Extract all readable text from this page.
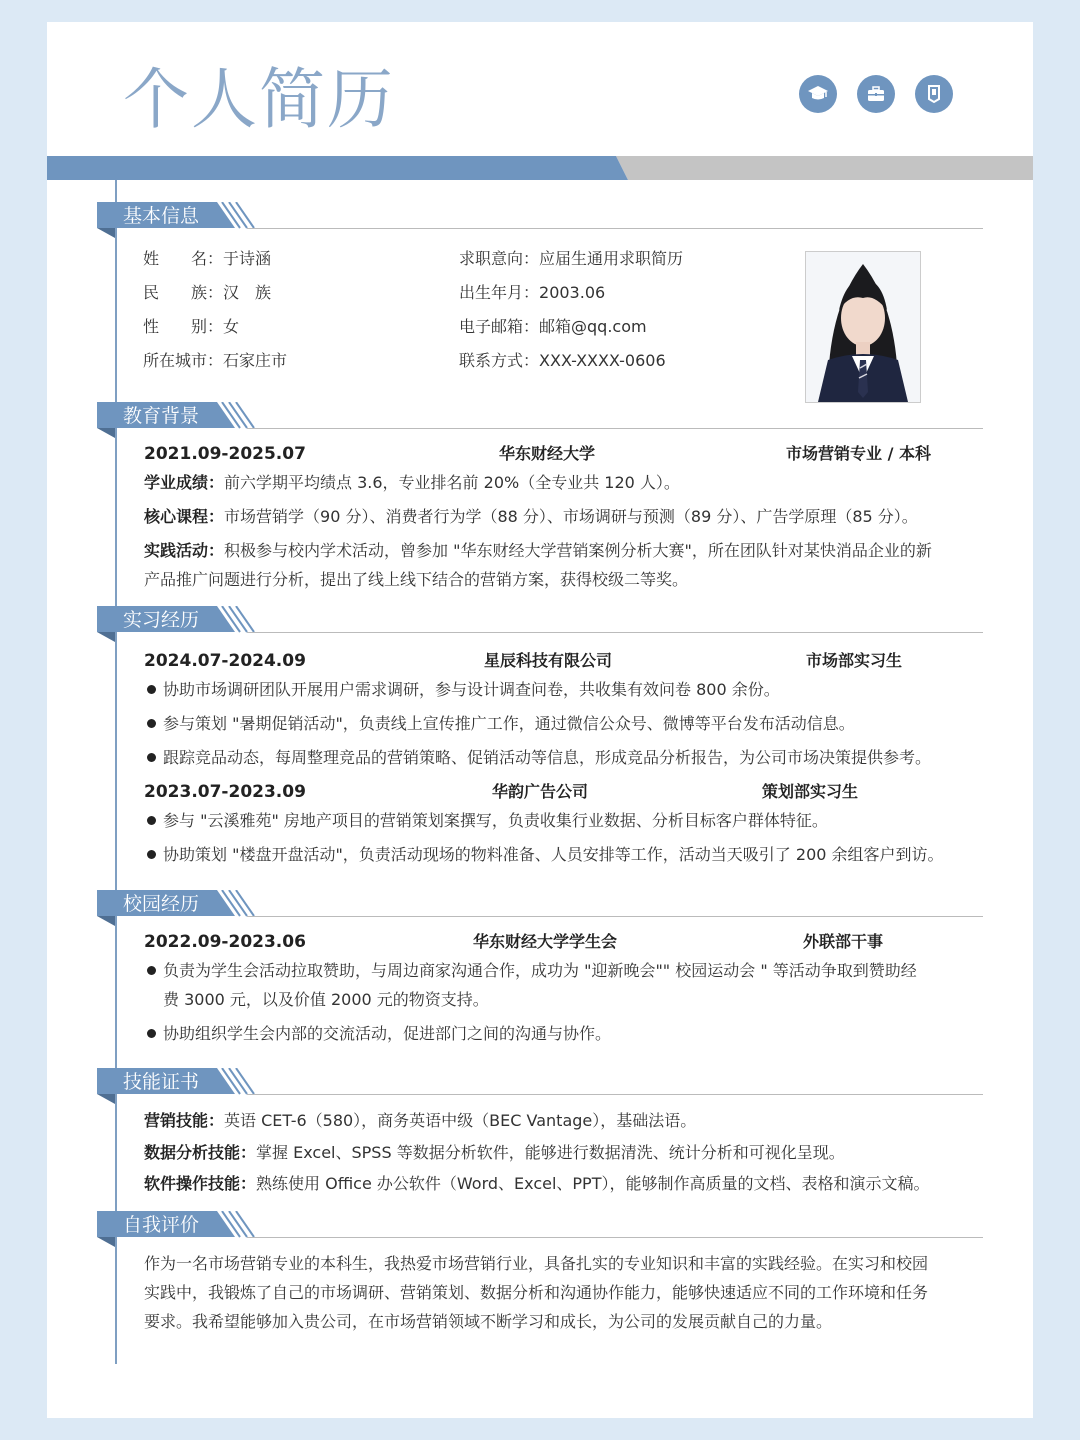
个人简历
基本信息
姓　　名：于诗涵
民　　族：汉　族
性　　别：女
所在城市：石家庄市
求职意向：应届生通用求职简历
出生年月：2003.06
电子邮箱：邮箱@qq.com
联系方式：XXX-XXXX-0606
教育背景
2021.09-2025.07	华东财经大学	市场营销专业 / 本科
学业成绩：前六学期平均绩点 3.6，专业排名前 20%（全专业共 120 人）。
核心课程：市场营销学（90 分）、消费者行为学（88 分）、市场调研与预测（89 分）、广告学原理（85 分）。
实践活动：积极参与校内学术活动，曾参加 "华东财经大学营销案例分析大赛"，所在团队针对某快消品企业的新
产品推广问题进行分析，提出了线上线下结合的营销方案，获得校级二等奖。
实习经历
2024.07-2024.09	星辰科技有限公司	市场部实习生
协助市场调研团队开展用户需求调研，参与设计调查问卷，共收集有效问卷 800 余份。
参与策划 "暑期促销活动"，负责线上宣传推广工作，通过微信公众号、微博等平台发布活动信息。
跟踪竞品动态，每周整理竞品的营销策略、促销活动等信息，形成竞品分析报告，为公司市场决策提供参考。
2023.07-2023.09	华韵广告公司	策划部实习生
参与 "云溪雅苑" 房地产项目的营销策划案撰写，负责收集行业数据、分析目标客户群体特征。
协助策划 "楼盘开盘活动"，负责活动现场的物料准备、人员安排等工作，活动当天吸引了 200 余组客户到访。
校园经历
2022.09-2023.06	华东财经大学学生会	外联部干事
负责为学生会活动拉取赞助，与周边商家沟通合作，成功为 "迎新晚会"" 校园运动会 " 等活动争取到赞助经
费 3000 元，以及价值 2000 元的物资支持。
协助组织学生会内部的交流活动，促进部门之间的沟通与协作。
技能证书
营销技能：英语 CET-6（580），商务英语中级（BEC Vantage），基础法语。
数据分析技能：掌握 Excel、SPSS 等数据分析软件，能够进行数据清洗、统计分析和可视化呈现。
软件操作技能：熟练使用 Office 办公软件（Word、Excel、PPT），能够制作高质量的文档、表格和演示文稿。
自我评价
作为一名市场营销专业的本科生，我热爱市场营销行业，具备扎实的专业知识和丰富的实践经验。在实习和校园
实践中，我锻炼了自己的市场调研、营销策划、数据分析和沟通协作能力，能够快速适应不同的工作环境和任务
要求。我希望能够加入贵公司，在市场营销领域不断学习和成长，为公司的发展贡献自己的力量。
